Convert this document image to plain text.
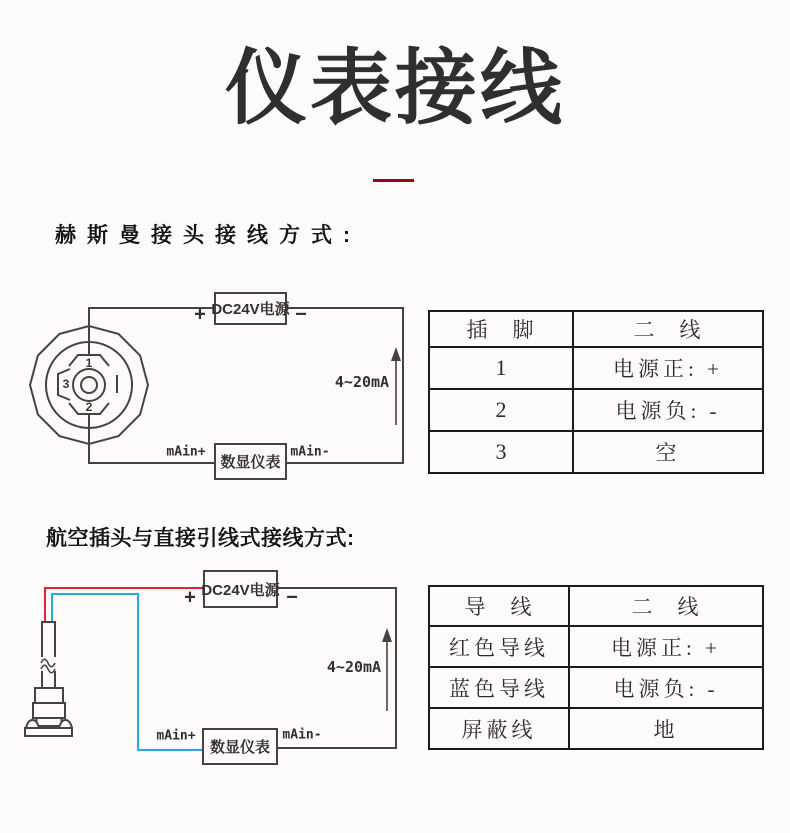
仪表接线
赫斯曼接头接线方式:
DC24V电源
数显仪表
+	−
mAin+	mAin-
4~20mA
1
2
3
插　脚	二　线
1	电源正: +
2	电源负: -
3	空
航空插头与直接引线式接线方式:
DC24V电源
数显仪表
+	−
mAin+	mAin-
4~20mA
导　线	二　线
红色导线	电源正: +
蓝色导线	电源负: -
屏蔽线	地
